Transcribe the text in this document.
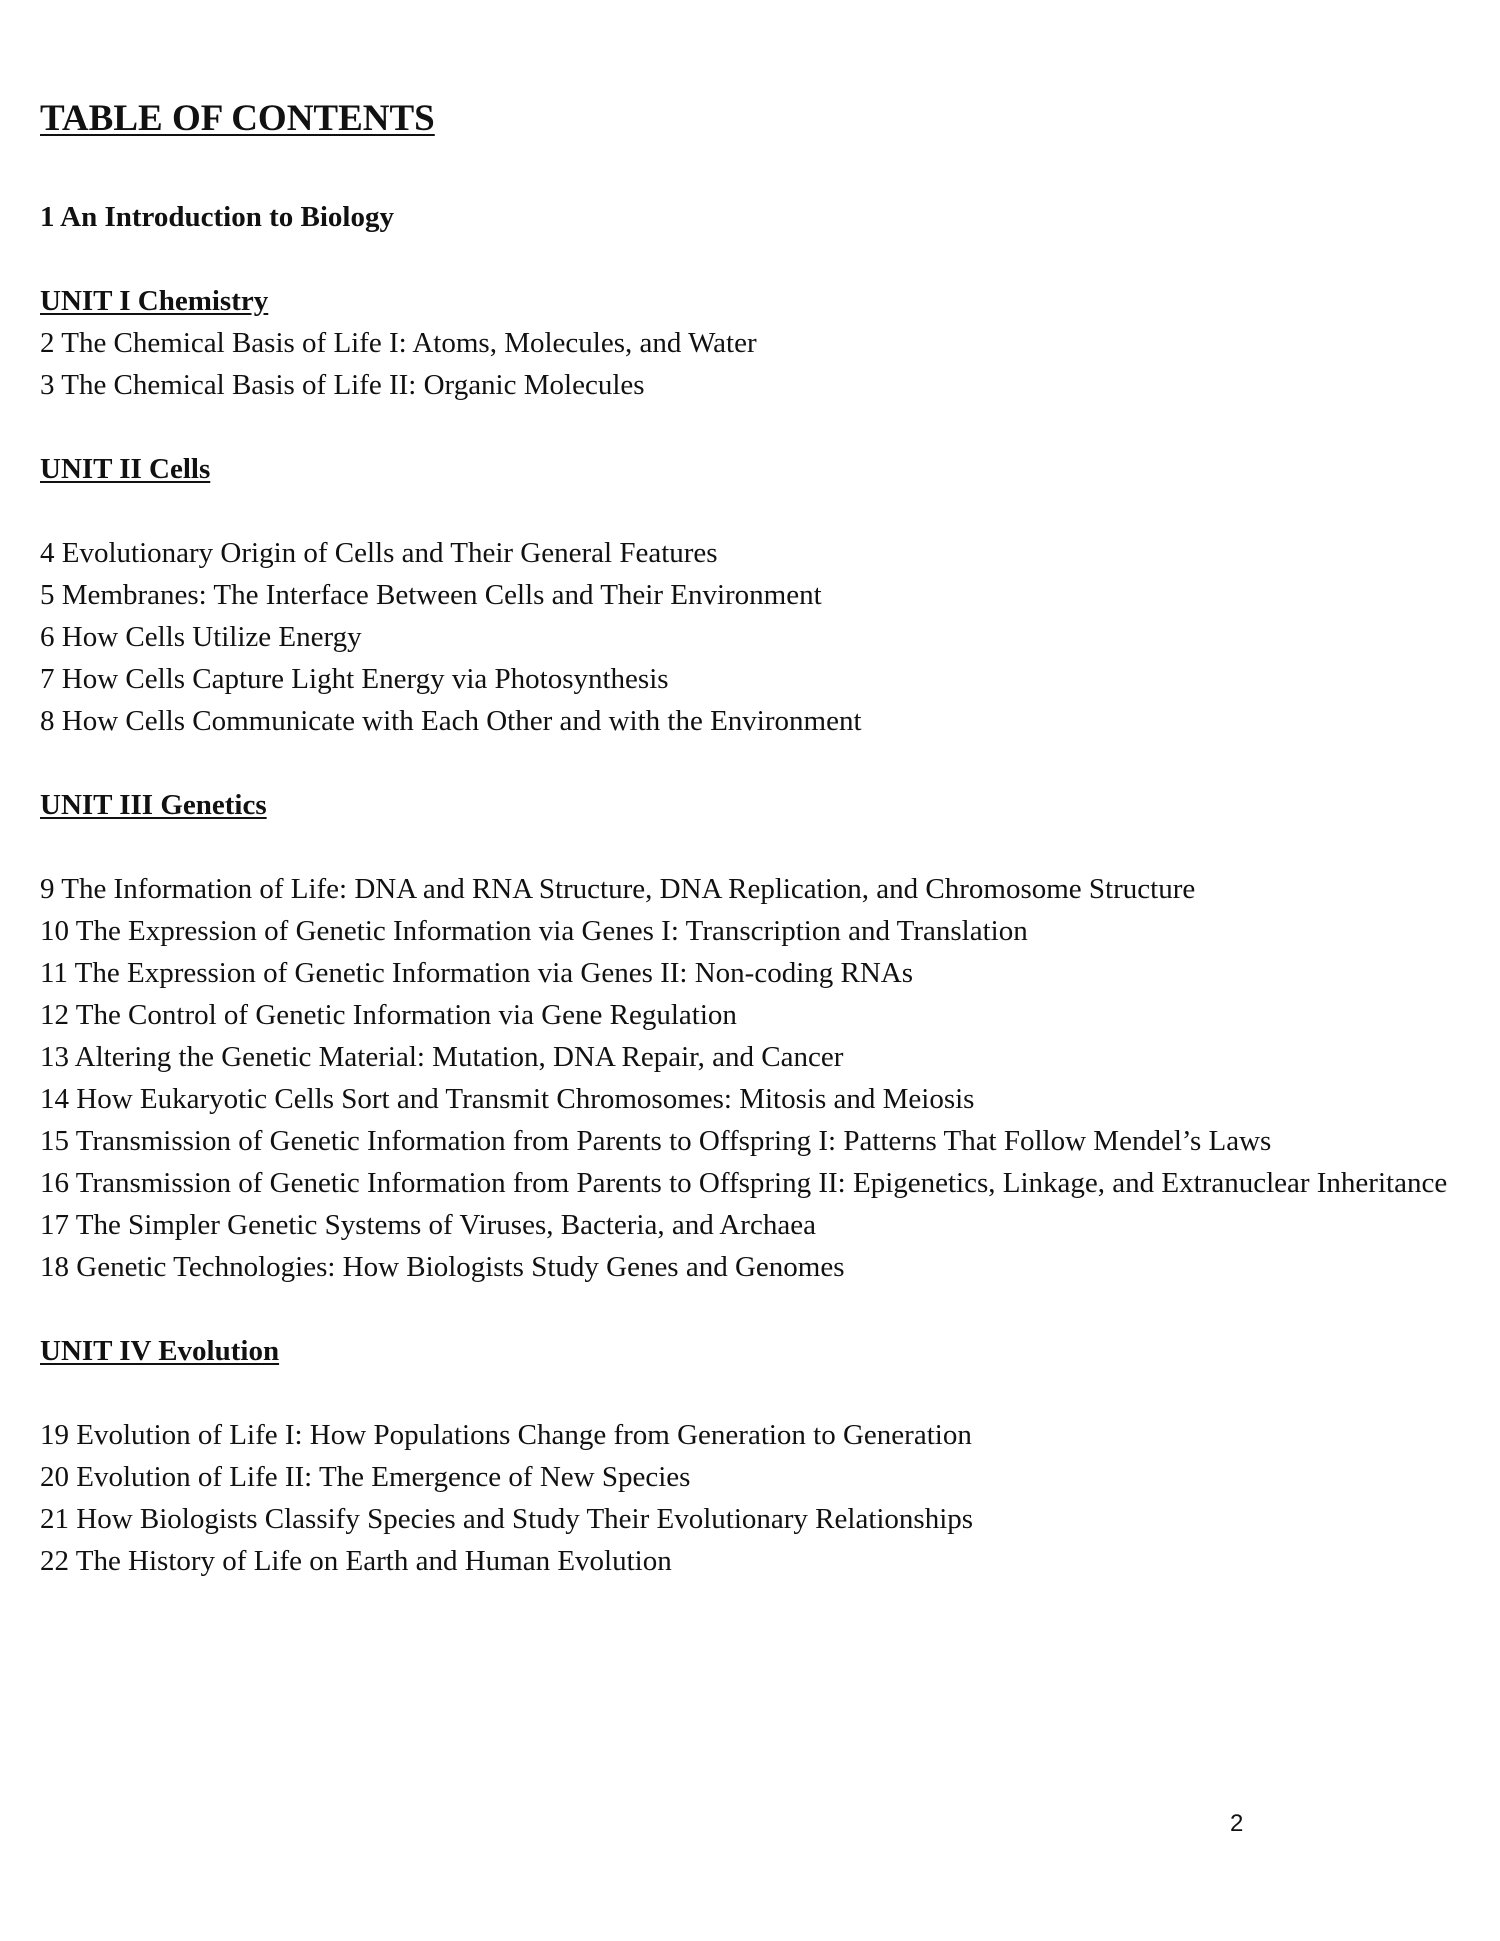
TABLE OF CONTENTS
1 An Introduction to Biology
UNIT I Chemistry
2 The Chemical Basis of Life I: Atoms, Molecules, and Water
3 The Chemical Basis of Life II: Organic Molecules
UNIT II Cells
4 Evolutionary Origin of Cells and Their General Features
5 Membranes: The Interface Between Cells and Their Environment
6 How Cells Utilize Energy
7 How Cells Capture Light Energy via Photosynthesis
8 How Cells Communicate with Each Other and with the Environment
UNIT III Genetics
9 The Information of Life: DNA and RNA Structure, DNA Replication, and Chromosome Structure
10 The Expression of Genetic Information via Genes I: Transcription and Translation
11 The Expression of Genetic Information via Genes II: Non-coding RNAs
12 The Control of Genetic Information via Gene Regulation
13 Altering the Genetic Material: Mutation, DNA Repair, and Cancer
14 How Eukaryotic Cells Sort and Transmit Chromosomes: Mitosis and Meiosis
15 Transmission of Genetic Information from Parents to Offspring I: Patterns That Follow Mendel’s Laws
16 Transmission of Genetic Information from Parents to Offspring II: Epigenetics, Linkage, and Extranuclear Inheritance
17 The Simpler Genetic Systems of Viruses, Bacteria, and Archaea
18 Genetic Technologies: How Biologists Study Genes and Genomes
UNIT IV Evolution
19 Evolution of Life I: How Populations Change from Generation to Generation
20 Evolution of Life II: The Emergence of New Species
21 How Biologists Classify Species and Study Their Evolutionary Relationships
22 The History of Life on Earth and Human Evolution
2
